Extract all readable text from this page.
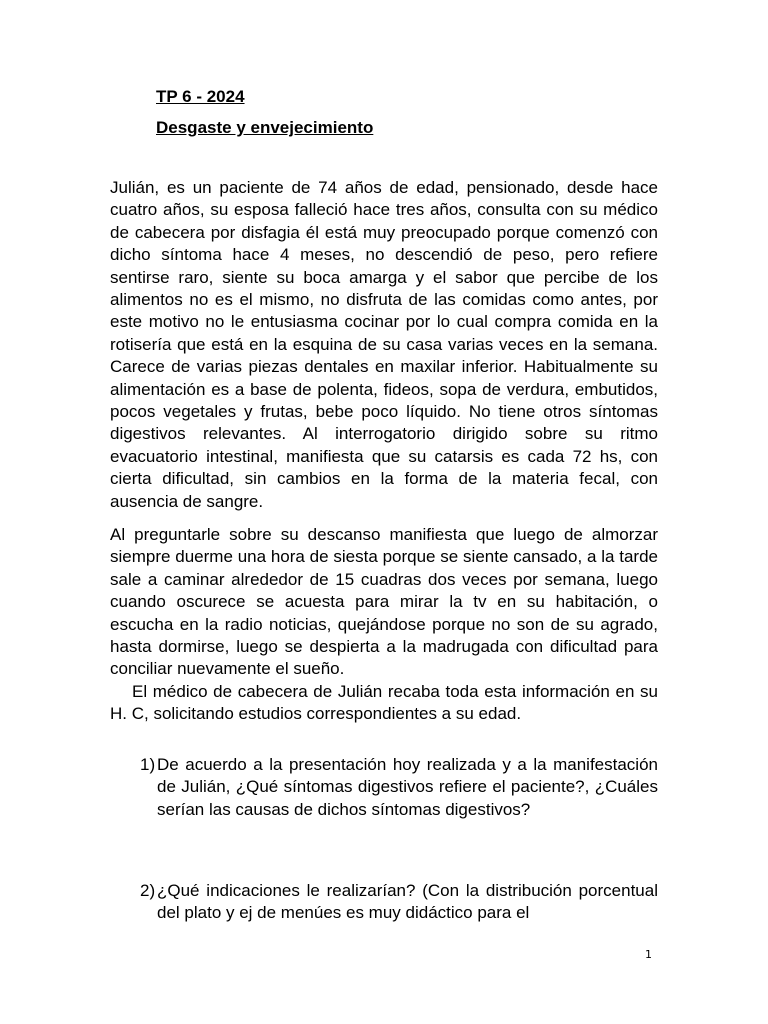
TP 6 - 2024
Desgaste y envejecimiento

Julián, es un paciente de 74 años de edad, pensionado, desde hace cuatro años, su esposa falleció hace tres años, consulta con su médico de cabecera por disfagia él está muy preocupado porque comenzó con dicho síntoma hace 4 meses, no descendió de peso, pero refiere sentirse raro, siente su boca amarga y el sabor que percibe de los alimentos no es el mismo, no disfruta de las comidas como antes, por este motivo no le entusiasma cocinar por lo cual compra comida en la rotisería que está en la esquina de su casa varias veces en la semana. Carece de varias piezas dentales en maxilar inferior. Habitualmente su alimentación es a base de polenta, fideos, sopa de verdura, embutidos, pocos vegetales y frutas, bebe poco líquido. No tiene otros síntomas digestivos relevantes. Al interrogatorio dirigido sobre su ritmo evacuatorio intestinal, manifiesta que su catarsis es cada 72 hs, con cierta dificultad, sin cambios en la forma de la materia fecal, con ausencia de sangre.

Al preguntarle sobre su descanso manifiesta que luego de almorzar siempre duerme una hora de siesta porque se siente cansado, a la tarde sale a caminar alrededor de 15 cuadras dos veces por semana, luego cuando oscurece se acuesta para mirar la tv en su habitación, o escucha en la radio noticias, quejándose porque no son de su agrado, hasta dormirse, luego se despierta a la madrugada con dificultad para conciliar nuevamente el sueño.

El médico de cabecera de Julián recaba toda esta información en su H. C, solicitando estudios correspondientes a su edad.

1) De acuerdo a la presentación hoy realizada y a la manifestación de Julián, ¿Qué síntomas digestivos refiere el paciente?, ¿Cuáles serían las causas de dichos síntomas digestivos?
2) ¿Qué indicaciones le realizarían? (Con la distribución porcentual del plato y ej de menúes es muy didáctico para el
1
